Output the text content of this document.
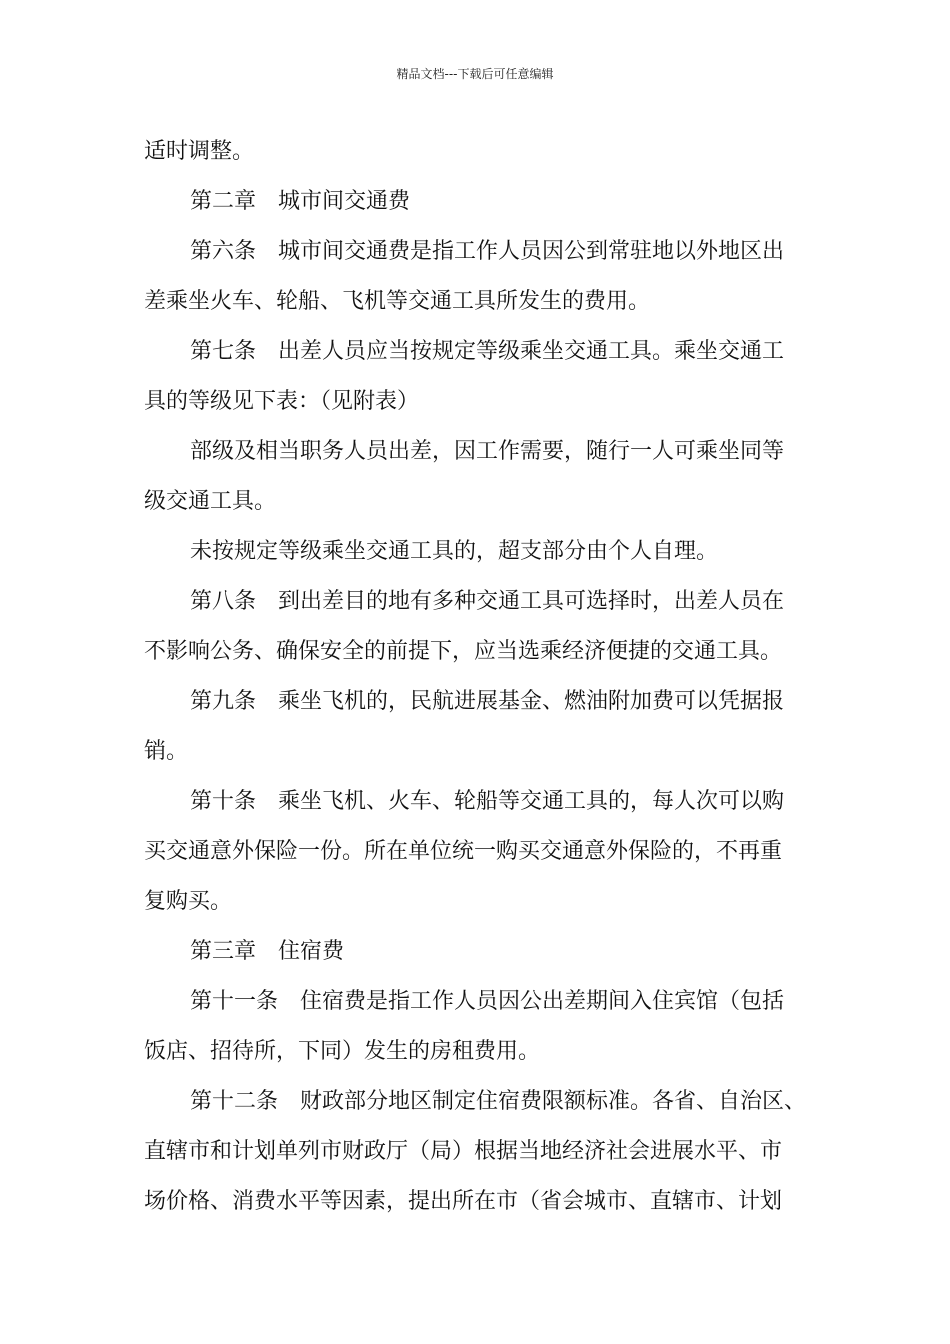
精品文档---下载后可任意编辑
适时调整。
第二章　城市间交通费
第六条　城市间交通费是指工作人员因公到常驻地以外地区出
差乘坐火车、轮船、飞机等交通工具所发生的费用。
第七条　出差人员应当按规定等级乘坐交通工具。乘坐交通工
具的等级见下表：（见附表）
部级及相当职务人员出差，因工作需要，随行一人可乘坐同等
级交通工具。
未按规定等级乘坐交通工具的，超支部分由个人自理。
第八条　到出差目的地有多种交通工具可选择时，出差人员在
不影响公务、确保安全的前提下，应当选乘经济便捷的交通工具。
第九条　乘坐飞机的，民航进展基金、燃油附加费可以凭据报
销。
第十条　乘坐飞机、火车、轮船等交通工具的，每人次可以购
买交通意外保险一份。所在单位统一购买交通意外保险的，不再重
复购买。
第三章　住宿费
第十一条　住宿费是指工作人员因公出差期间入住宾馆（包括
饭店、招待所，下同）发生的房租费用。
第十二条　财政部分地区制定住宿费限额标准。各省、自治区、
直辖市和计划单列市财政厅（局）根据当地经济社会进展水平、市
场价格、消费水平等因素，提出所在市（省会城市、直辖市、计划
